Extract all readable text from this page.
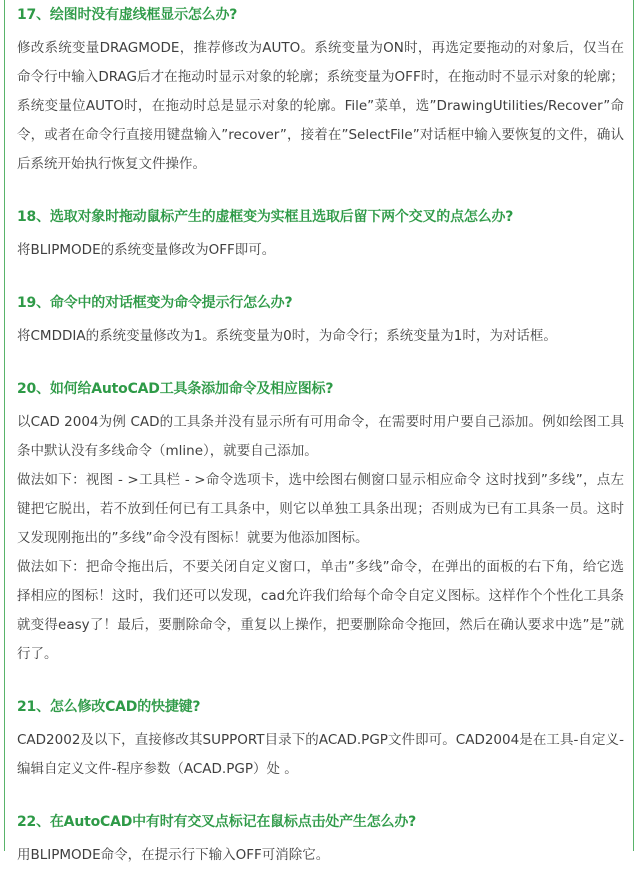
17、绘图时没有虚线框显示怎么办?

修改系统变量DRAGMODE，推荐修改为AUTO。系统变量为ON时，再选定要拖动的对象后，仅当在命令行中输入DRAG后才在拖动时显示对象的轮廓；系统变量为OFF时，在拖动时不显示对象的轮廓；系统变量位AUTO时，在拖动时总是显示对象的轮廓。File”菜单，选”DrawingUtilities/Recover”命令，或者在命令行直接用键盘输入”recover”，接着在”SelectFile”对话框中输入要恢复的文件，确认后系统开始执行恢复文件操作。

18、选取对象时拖动鼠标产生的虚框变为实框且选取后留下两个交叉的点怎么办?

将BLIPMODE的系统变量修改为OFF即可。

19、命令中的对话框变为命令提示行怎么办?

将CMDDIA的系统变量修改为1。系统变量为0时，为命令行；系统变量为1时，为对话框。

20、如何给AutoCAD工具条添加命令及相应图标?

以CAD 2004为例 CAD的工具条并没有显示所有可用命令，在需要时用户要自己添加。例如绘图工具条中默认没有多线命令（mline），就要自己添加。

做法如下：视图 - >工具栏 - >命令选项卡，选中绘图右侧窗口显示相应命令 这时找到”多线”，点左键把它脱出，若不放到任何已有工具条中，则它以单独工具条出现；否则成为已有工具条一员。这时又发现刚拖出的”多线”命令没有图标！就要为他添加图标。

做法如下：把命令拖出后，不要关闭自定义窗口，单击”多线”命令，在弹出的面板的右下角，给它选择相应的图标！这时，我们还可以发现，cad允许我们给每个命令自定义图标。这样作个个性化工具条就变得easy了！最后，要删除命令，重复以上操作，把要删除命令拖回，然后在确认要求中选”是”就行了。

21、怎么修改CAD的快捷键?

CAD2002及以下，直接修改其SUPPORT目录下的ACAD.PGP文件即可。CAD2004是在工具-自定义-编辑自定义文件-程序参数（ACAD.PGP）处 。

22、在AutoCAD中有时有交叉点标记在鼠标点击处产生怎么办?

用BLIPMODE命令，在提示行下输入OFF可消除它。
